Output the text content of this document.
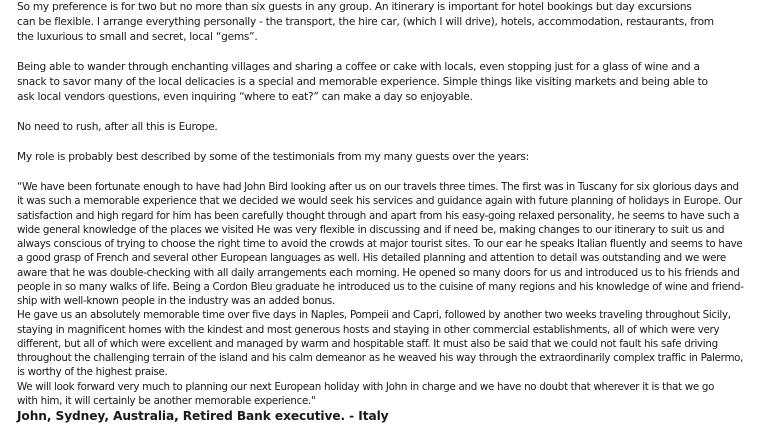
So my preference is for two but no more than six guests in any group. An itinerary is important for hotel bookings but day excursions

can be flexible. I arrange everything personally - the transport, the hire car, (which I will drive), hotels, accommodation, restaurants, from

the luxurious to small and secret, local “gems”.

Being able to wander through enchanting villages and sharing a coffee or cake with locals, even stopping just for a glass of wine and a

snack to savor many of the local delicacies is a special and memorable experience. Simple things like visiting markets and being able to

ask local vendors questions, even inquiring “where to eat?” can make a day so enjoyable.

No need to rush, after all this is Europe.

My role is probably best described by some of the testimonials from my many guests over the years:

“We have been fortunate enough to have had John Bird looking after us on our travels three times. The first was in Tuscany for six glorious days and

it was such a memorable experience that we decided we would seek his services and guidance again with future planning of holidays in Europe. Our

satisfaction and high regard for him has been carefully thought through and apart from his easy-going relaxed personality, he seems to have such a

wide general knowledge of the places we visited He was very flexible in discussing and if need be, making changes to our itinerary to suit us and

always conscious of trying to choose the right time to avoid the crowds at major tourist sites. To our ear he speaks Italian fluently and seems to have

a good grasp of French and several other European languages as well. His detailed planning and attention to detail was outstanding and we were

aware that he was double-checking with all daily arrangements each morning. He opened so many doors for us and introduced us to his friends and

people in so many walks of life. Being a Cordon Bleu graduate he introduced us to the cuisine of many regions and his knowledge of wine and friend-

ship with well-known people in the industry was an added bonus.

He gave us an absolutely memorable time over five days in Naples, Pompeii and Capri, followed by another two weeks traveling throughout Sicily,

staying in magnificent homes with the kindest and most generous hosts and staying in other commercial establishments, all of which were very

different, but all of which were excellent and managed by warm and hospitable staff. It must also be said that we could not fault his safe driving

throughout the challenging terrain of the island and his calm demeanor as he weaved his way through the extraordinarily complex traffic in Palermo,

is worthy of the highest praise.

We will look forward very much to planning our next European holiday with John in charge and we have no doubt that wherever it is that we go

with him, it will certainly be another memorable experience."

John, Sydney, Australia, Retired Bank executive. - Italy
